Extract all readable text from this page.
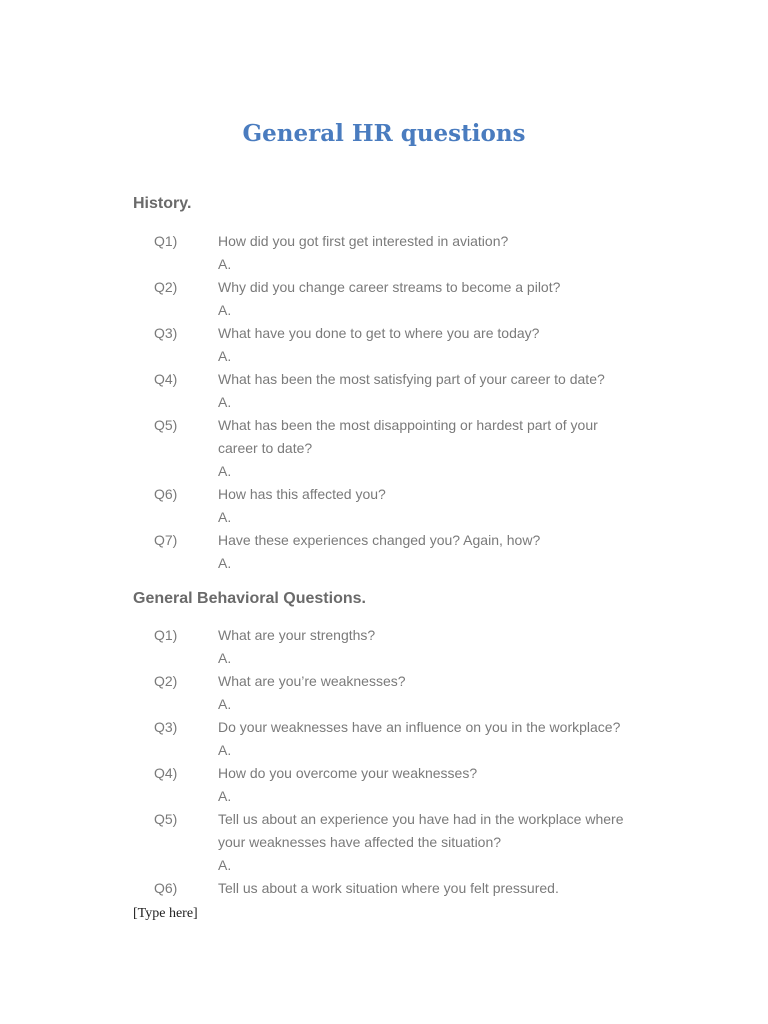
General HR questions
History.
Q1)	How did you got first get interested in aviation?
A.
Q2)	Why did you change career streams to become a pilot?
A.
Q3)	What have you done to get to where you are today?
A.
Q4)	What has been the most satisfying part of your career to date?
A.
Q5)	What has been the most disappointing or hardest part of your career to date?
A.
Q6)	How has this affected you?
A.
Q7)	Have these experiences changed you? Again, how?
A.
General Behavioral Questions.
Q1)	What are your strengths?
A.
Q2)	What are you’re weaknesses?
A.
Q3)	Do your weaknesses have an influence on you in the workplace?
A.
Q4)	How do you overcome your weaknesses?
A.
Q5)	Tell us about an experience you have had in the workplace where your weaknesses have affected the situation?
A.
Q6)	Tell us about a work situation where you felt pressured.
[Type here]
